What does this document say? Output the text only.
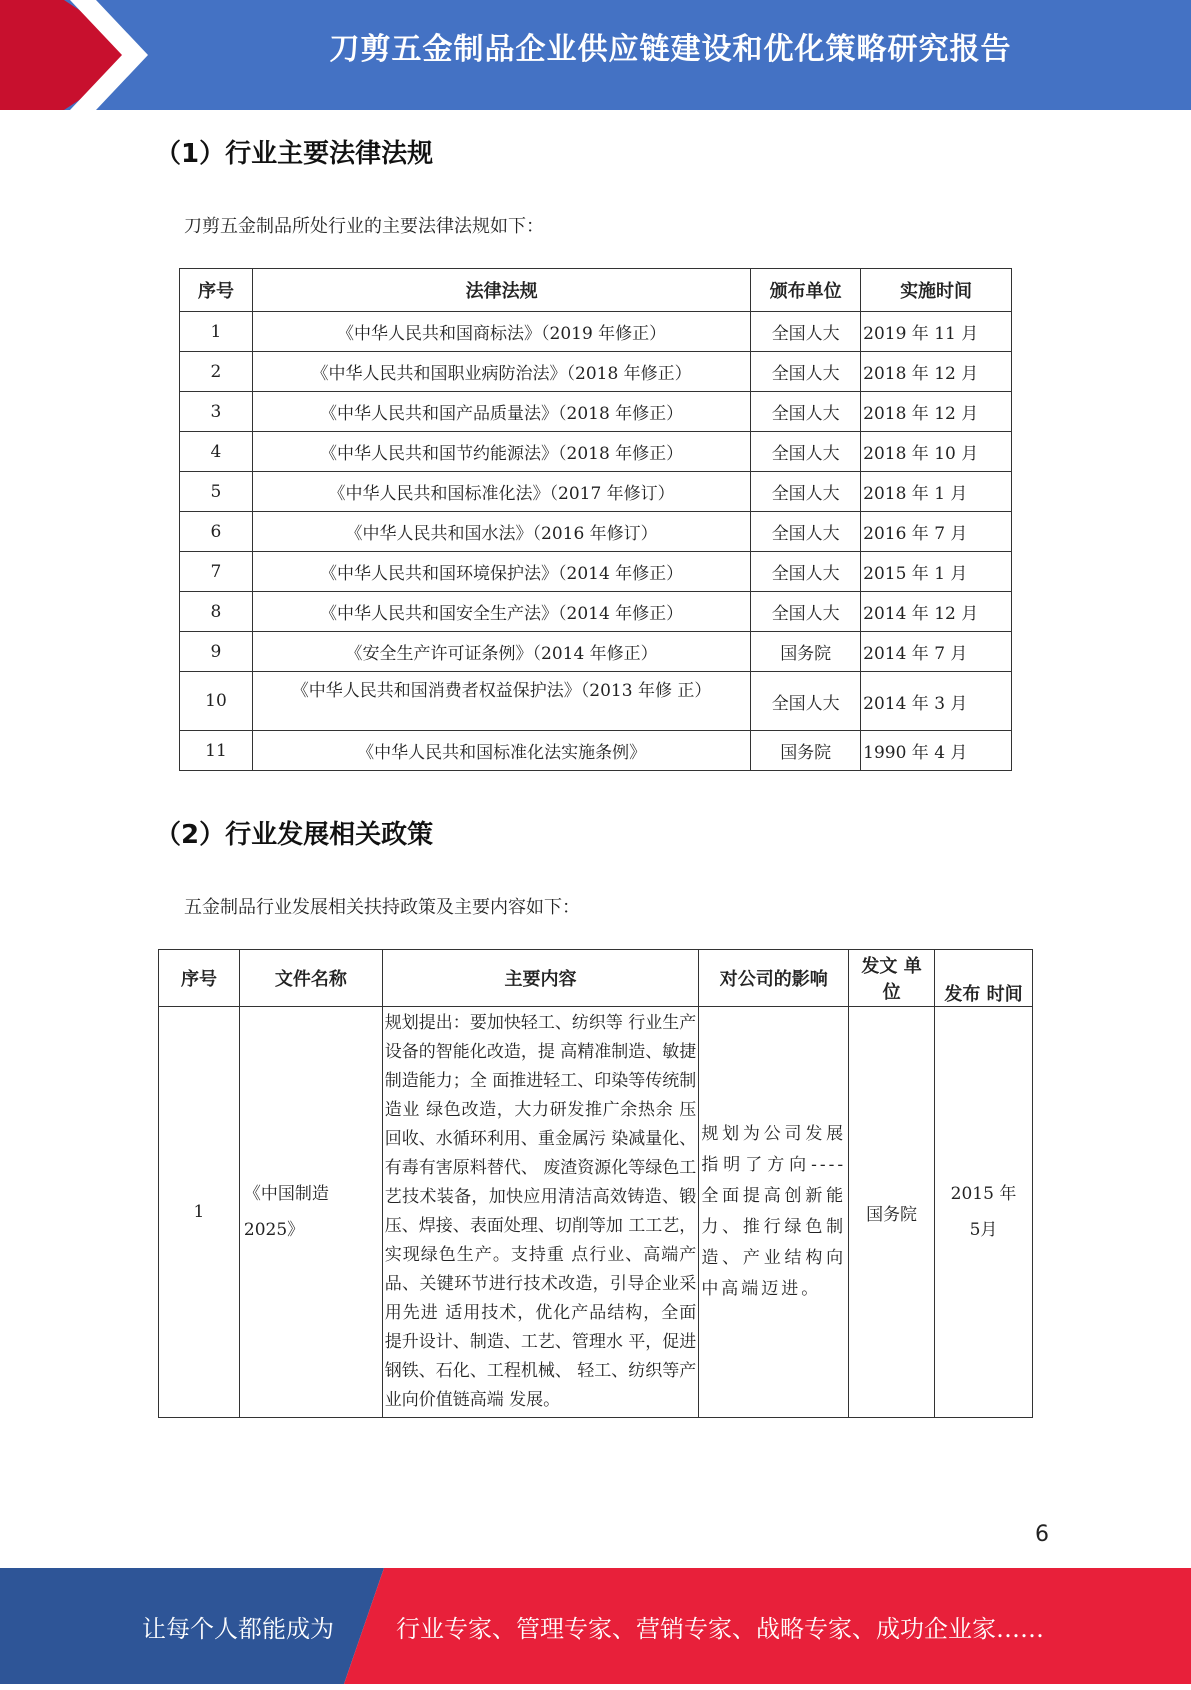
刀剪五金制品企业供应链建设和优化策略研究报告
（1）行业主要法律法规
刀剪五金制品所处行业的主要法律法规如下：
序号	法律法规	颁布单位	实施时间
1	《中华人民共和国商标法》（2019 年修正）	全国人大	2019 年 11 月
2	《中华人民共和国职业病防治法》（2018 年修正）	全国人大	2018 年 12 月
3	《中华人民共和国产品质量法》（2018 年修正）	全国人大	2018 年 12 月
4	《中华人民共和国节约能源法》（2018 年修正）	全国人大	2018 年 10 月
5	《中华人民共和国标准化法》（2017 年修订）	全国人大	2018 年 1 月
6	《中华人民共和国水法》（2016 年修订）	全国人大	2016 年 7 月
7	《中华人民共和国环境保护法》（2014 年修正）	全国人大	2015 年 1 月
8	《中华人民共和国安全生产法》（2014 年修正）	全国人大	2014 年 12 月
9	《安全生产许可证条例》（2014 年修正）	国务院	2014 年 7 月
10	《中华人民共和国消费者权益保护法》（2013 年修 正）	全国人大	2014 年 3 月
11	《中华人民共和国标准化法实施条例》	国务院	1990 年 4 月
（2）行业发展相关政策
五金制品行业发展相关扶持政策及主要内容如下：
序号	文件名称	主要内容	对公司的影响	发文 单位	发布 时间
1	《中国制造 2025》	规划提出：要加快轻工、纺织等 行业生产设备的智能化改造，提 高精准制造、敏捷制造能力；全 面推进轻工、印染等传统制造业 绿色改造，大力研发推广余热余 压回收、水循环利用、重金属污 染减量化、有毒有害原料替代、 废渣资源化等绿色工艺技术装备，加快应用清洁高效铸造、锻 压、焊接、表面处理、切削等加 工工艺，实现绿色生产。支持重 点行业、高端产品、关键环节进行技术改造，引导企业采用先进 适用技术，优化产品结构，全面 提升设计、制造、工艺、管理水 平，促进钢铁、石化、工程机械、 轻工、纺织等产业向价值链高端 发展。	规划为公司发展指明了方向----全面提高创新能力、推行绿色制造、产业结构向中高端迈进。	国务院	2015 年 5月
6
让每个人都能成为	行业专家、管理专家、营销专家、战略专家、成功企业家……
